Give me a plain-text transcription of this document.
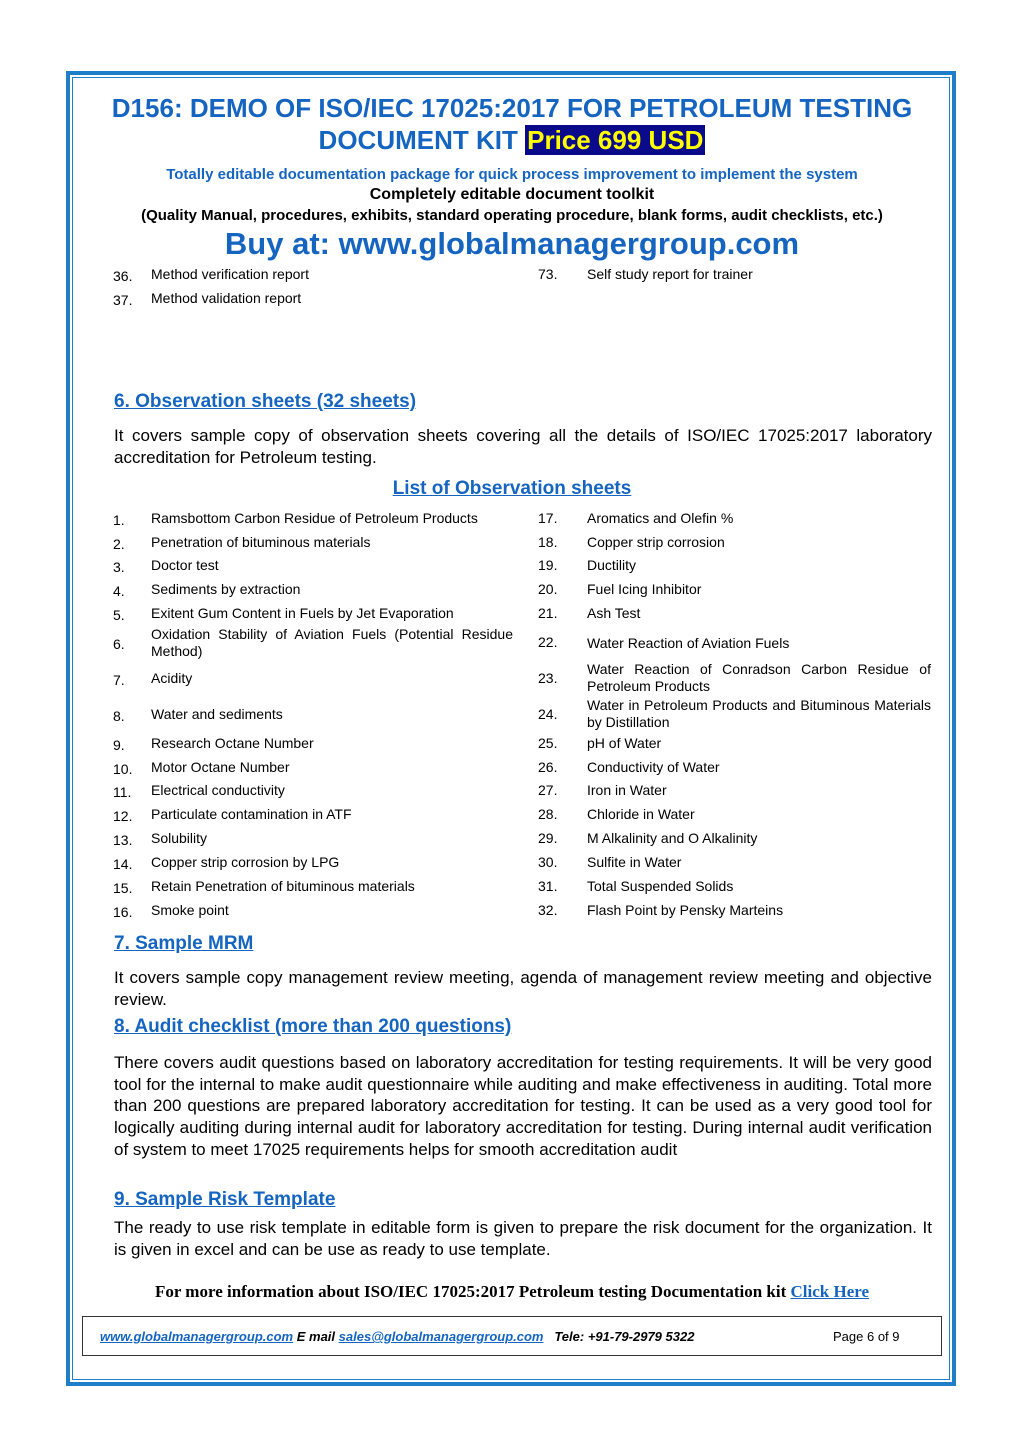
D156: DEMO OF ISO/IEC 17025:2017 FOR PETROLEUM TESTING
DOCUMENT KIT Price 699 USD
Totally editable documentation package for quick process improvement to implement the system
Completely editable document toolkit
(Quality Manual, procedures, exhibits, standard operating procedure, blank forms, audit checklists, etc.)
Buy at: www.globalmanagergroup.com
36. Method verification report
37. Method validation report
73. Self study report for trainer
6. Observation sheets (32 sheets)
It covers sample copy of observation sheets covering all the details of ISO/IEC 17025:2017 laboratory accreditation for Petroleum testing.
List of Observation sheets
1. Ramsbottom Carbon Residue of Petroleum Products
2. Penetration of bituminous materials
3. Doctor test
4. Sediments by extraction
5. Exitent Gum Content in Fuels by Jet Evaporation
6.
Oxidation Stability of Aviation Fuels (Potential Residue Method)
7. Acidity
8. Water and sediments
9. Research Octane Number
10. Motor Octane Number
11. Electrical conductivity
12. Particulate contamination in ATF
13. Solubility
14. Copper strip corrosion by LPG
15. Retain Penetration of bituminous materials
16. Smoke point
17. Aromatics and Olefin %
18. Copper strip corrosion
19. Ductility
20. Fuel Icing Inhibitor
21. Ash Test
22. Water Reaction of Aviation Fuels
23.
Water Reaction of Conradson Carbon Residue of Petroleum Products
24.
Water in Petroleum Products and Bituminous Materials by Distillation
25. pH of Water
26. Conductivity of Water
27. Iron in Water
28. Chloride in Water
29. M Alkalinity and O Alkalinity
30. Sulfite in Water
31. Total Suspended Solids
32. Flash Point by Pensky Marteins
7. Sample MRM
It covers sample copy management review meeting, agenda of management review meeting and objective review.
8. Audit checklist (more than 200 questions)
There covers audit questions based on laboratory accreditation for testing requirements. It will be very good tool for the internal to make audit questionnaire while auditing and make effectiveness in auditing. Total more than 200 questions are prepared laboratory accreditation for testing. It can be used as a very good tool for logically auditing during internal audit for laboratory accreditation for testing. During internal audit verification of system to meet 17025 requirements helps for smooth accreditation audit
9. Sample Risk Template
The ready to use risk template in editable form is given to prepare the risk document for the organization. It is given in excel and can be use as ready to use template.
For more information about ISO/IEC 17025:2017 Petroleum testing Documentation kit Click Here
www.globalmanagergroup.com E mail sales@globalmanagergroup.com Tele: +91-79-2979 5322	Page 6 of 9
